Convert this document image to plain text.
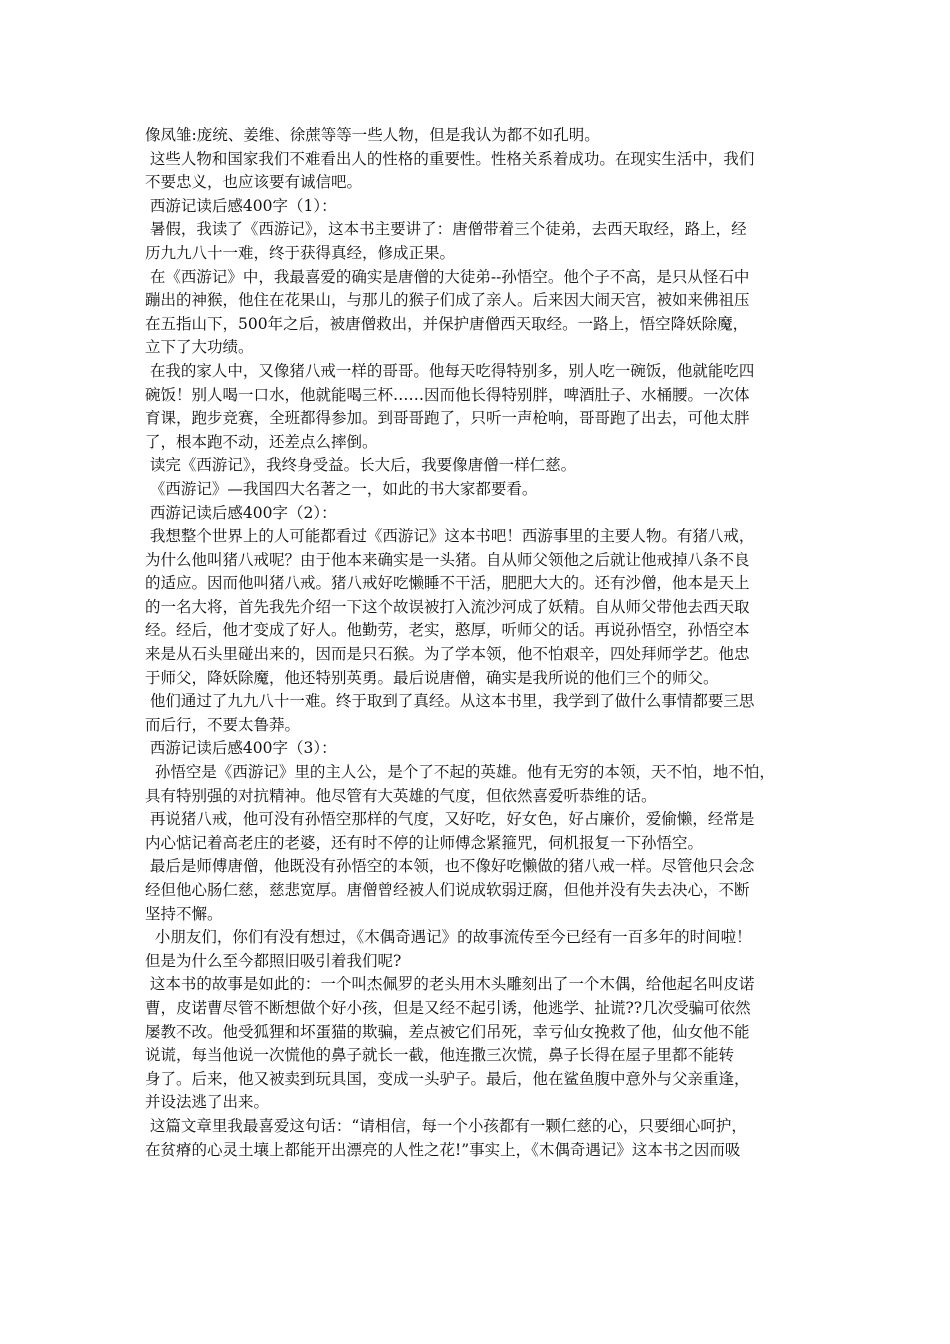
像凤雏:庞统、姜维、徐蔗等等一些人物，但是我认为都不如孔明。
这些人物和国家我们不难看出人的性格的重要性。性格关系着成功。在现实生活中，我们
不要忠义，也应该要有诚信吧。
西游记读后感400字（1）：
暑假，我读了《西游记》，这本书主要讲了：唐僧带着三个徒弟，去西天取经，路上，经
历九九八十一难，终于获得真经，修成正果。
在《西游记》中，我最喜爱的确实是唐僧的大徒弟--孙悟空。他个子不高，是只从怪石中
蹦出的神猴，他住在花果山，与那儿的猴子们成了亲人。后来因大闹天宫，被如来佛祖压
在五指山下，500年之后，被唐僧救出，并保护唐僧西天取经。一路上，悟空降妖除魔，
立下了大功绩。
在我的家人中，又像猪八戒一样的哥哥。他每天吃得特别多，别人吃一碗饭，他就能吃四
碗饭！别人喝一口水，他就能喝三杯……因而他长得特别胖，啤酒肚子、水桶腰。一次体
育课，跑步竞赛，全班都得参加。到哥哥跑了，只听一声枪响，哥哥跑了出去，可他太胖
了，根本跑不动，还差点么摔倒。
读完《西游记》，我终身受益。长大后，我要像唐僧一样仁慈。
《西游记》—我国四大名著之一，如此的书大家都要看。
西游记读后感400字（2）：
我想整个世界上的人可能都看过《西游记》这本书吧！西游事里的主要人物。有猪八戒，
为什么他叫猪八戒呢？由于他本来确实是一头猪。自从师父领他之后就让他戒掉八条不良
的适应。因而他叫猪八戒。猪八戒好吃懒睡不干活，肥肥大大的。还有沙僧，他本是天上
的一名大将，首先我先介绍一下这个故误被打入流沙河成了妖精。自从师父带他去西天取
经。经后，他才变成了好人。他勤劳，老实，憨厚，听师父的话。再说孙悟空，孙悟空本
来是从石头里碰出来的，因而是只石猴。为了学本领，他不怕艰辛，四处拜师学艺。他忠
于师父，降妖除魔，他还特别英勇。最后说唐僧，确实是我所说的他们三个的师父。
他们通过了九九八十一难。终于取到了真经。从这本书里，我学到了做什么事情都要三思
而后行，不要太鲁莽。
西游记读后感400字（3）：
孙悟空是《西游记》里的主人公，是个了不起的英雄。他有无穷的本领，天不怕，地不怕，
具有特别强的对抗精神。他尽管有大英雄的气度，但依然喜爱听恭维的话。
再说猪八戒，他可没有孙悟空那样的气度，又好吃，好女色，好占廉价，爱偷懒，经常是
内心惦记着高老庄的老婆，还有时不停的让师傅念紧箍咒，伺机报复一下孙悟空。
最后是师傅唐僧，他既没有孙悟空的本领，也不像好吃懒做的猪八戒一样。尽管他只会念
经但他心肠仁慈，慈悲宽厚。唐僧曾经被人们说成软弱迂腐，但他并没有失去决心，不断
坚持不懈。
小朋友们，你们有没有想过，《木偶奇遇记》的故事流传至今已经有一百多年的时间啦！
但是为什么至今都照旧吸引着我们呢?
这本书的故事是如此的：一个叫杰佩罗的老头用木头雕刻出了一个木偶，给他起名叫皮诺
曹，皮诺曹尽管不断想做个好小孩，但是又经不起引诱，他逃学、扯谎??几次受骗可依然
屡教不改。他受狐狸和坏蛋猫的欺骗，差点被它们吊死，幸亏仙女挽救了他，仙女他不能
说谎，每当他说一次慌他的鼻子就长一截，他连撒三次慌，鼻子长得在屋子里都不能转
身了。后来，他又被卖到玩具国，变成一头驴子。最后，他在鲨鱼腹中意外与父亲重逢，
并设法逃了出来。
这篇文章里我最喜爱这句话：“请相信，每一个小孩都有一颗仁慈的心，只要细心呵护，
在贫瘠的心灵土壤上都能开出漂亮的人性之花!”事实上，《木偶奇遇记》这本书之因而吸
